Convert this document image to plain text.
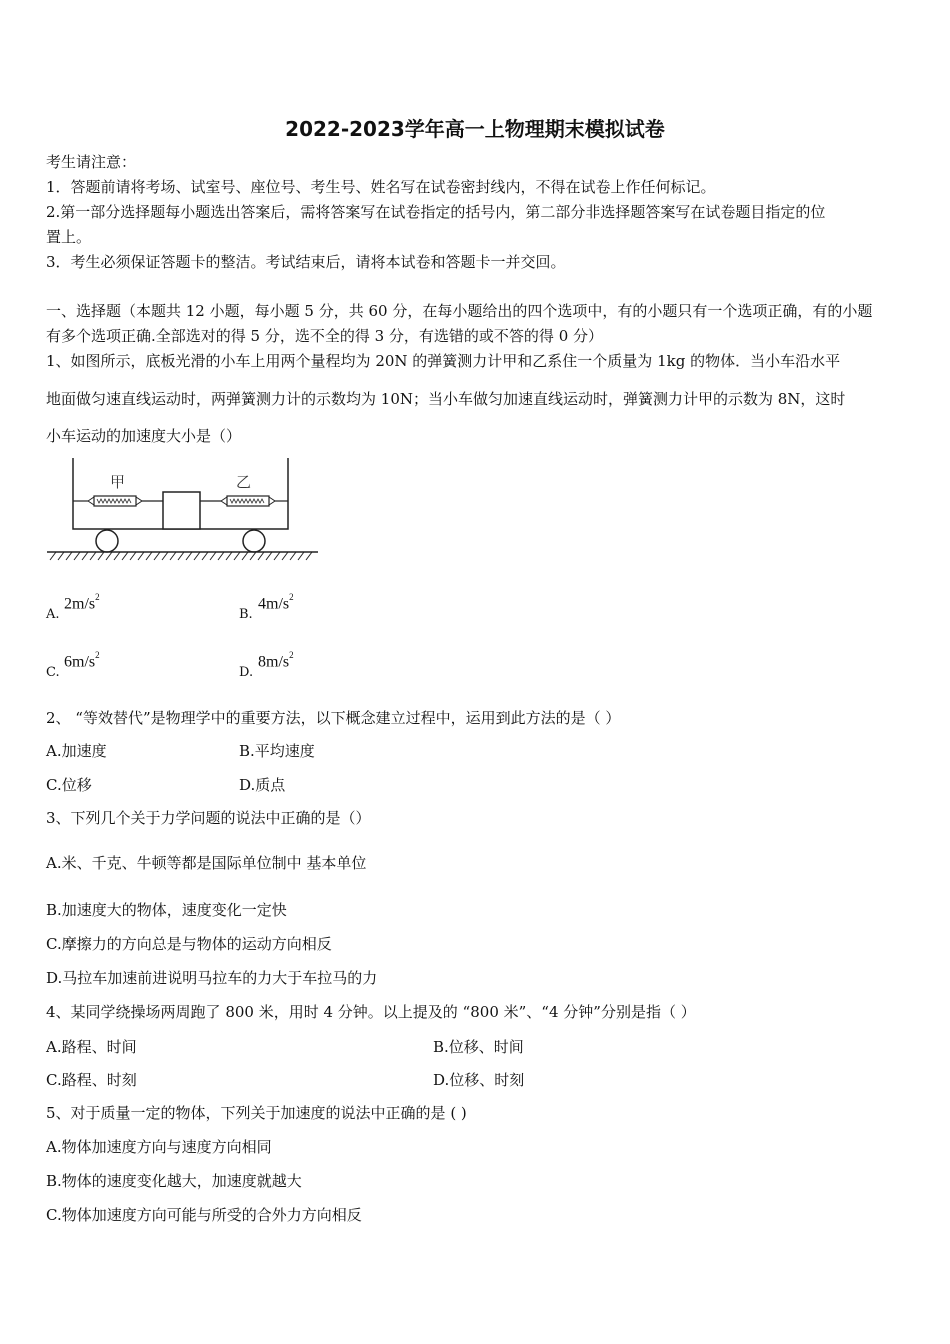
2022-2023学年高一上物理期末模拟试卷
考生请注意：
1．答题前请将考场、试室号、座位号、考生号、姓名写在试卷密封线内，不得在试卷上作任何标记。
2.第一部分选择题每小题选出答案后，需将答案写在试卷指定的括号内，第二部分非选择题答案写在试卷题目指定的位
置上。
3．考生必须保证答题卡的整洁。考试结束后，请将本试卷和答题卡一并交回。
一、选择题（本题共 12 小题，每小题 5 分，共 60 分，在每小题给出的四个选项中，有的小题只有一个选项正确，有的小题
有多个选项正确.全部选对的得 5 分，选不全的得 3 分，有选错的或不答的得 0 分）
1、如图所示，底板光滑的小车上用两个量程均为 20N 的弹簧测力计甲和乙系住一个质量为 1kg 的物体．当小车沿水平
地面做匀速直线运动时，两弹簧测力计的示数均为 10N；当小车做匀加速直线运动时，弹簧测力计甲的示数为 8N，这时
小车运动的加速度大小是（）
甲	乙
A.
$2m/s^2$
B.
$4m/s^2$
C.
$6m/s^2$
D.
$8m/s^2$
2、 “等效替代”是物理学中的重要方法，以下概念建立过程中，运用到此方法的是（ ）
A.加速度	B.平均速度
C.位移	D.质点
3、下列几个关于力学问题的说法中正确的是（）
A.米、千克、牛顿等都是国际单位制中 基本单位
B.加速度大的物体，速度变化一定快
C.摩擦力的方向总是与物体的运动方向相反
D.马拉车加速前进说明马拉车的力大于车拉马的力
4、某同学绕操场两周跑了 800 米，用时 4 分钟。以上提及的 “800 米”、“4 分钟”分别是指（ ）
A.路程、时间	B.位移、时间
C.路程、时刻	D.位移、时刻
5、对于质量一定的物体，下列关于加速度的说法中正确的是 ( )
A.物体加速度方向与速度方向相同
B.物体的速度变化越大，加速度就越大
C.物体加速度方向可能与所受的合外力方向相反
